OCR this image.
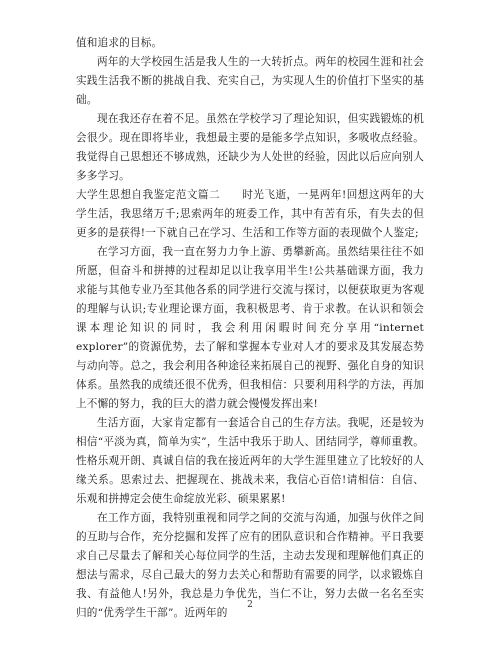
值和追求的目标。

两年的大学校园生活是我人生的一大转折点。两年的校园生涯和社会实践生活我不断的挑战自我、充实自己，为实现人生的价值打下坚实的基础。

现在我还存在着不足。虽然在学校学习了理论知识，但实践锻炼的机会很少。现在即将毕业，我想最主要的是能多学点知识，多吸收点经验。我觉得自己思想还不够成熟，还缺少为人处世的经验，因此以后应向别人多多学习。

大学生思想自我鉴定范文篇二　　时光飞逝，一晃两年!回想这两年的大学生活，我思绪万千;思索两年的班委工作，其中有苦有乐，有失去的但更多的是获得!一下就自己在学习、生活和工作等方面的表现做个人鉴定;

在学习方面，我一直在努力力争上游、勇攀新高。虽然结果往往不如所愿，但奋斗和拼搏的过程却足以让我享用半生!公共基础课方面，我力求能与其他专业乃至其他各系的同学进行交流与探讨，以便获取更为客观的理解与认识;专业理论课方面，我积极思考、肯于求教。在认识和领会课本理论知识的同时，我会利用闲暇时间充分享用“internet explorer”的资源优势，去了解和掌握本专业对人才的要求及其发展态势与动向等。总之，我会利用各种途径来拓展自己的视野、强化自身的知识体系。虽然我的成绩还很不优秀，但我相信：只要利用科学的方法，再加上不懈的努力，我的巨大的潜力就会慢慢发挥出来!

生活方面，大家肯定都有一套适合自己的生存方法。我呢，还是较为相信“平淡为真，简单为实”，生活中我乐于助人、团结同学，尊师重教。性格乐观开朗、真诚自信的我在接近两年的大学生涯里建立了比较好的人缘关系。思索过去、把握现在、挑战未来，我信心百倍!请相信：自信、乐观和拼搏定会使生命绽放光彩、硕果累累!

在工作方面，我特别重视和同学之间的交流与沟通，加强与伙伴之间的互助与合作，充分挖掘和发挥了应有的团队意识和合作精神。平日我要求自己尽量去了解和关心每位同学的生活，主动去发现和理解他们真正的想法与需求，尽自己最大的努力去关心和帮助有需要的同学，以求锻炼自我、有益他人!另外，我总是力争优先，当仁不让，努力去做一名名至实归的“优秀学生干部”。近两年的

2
